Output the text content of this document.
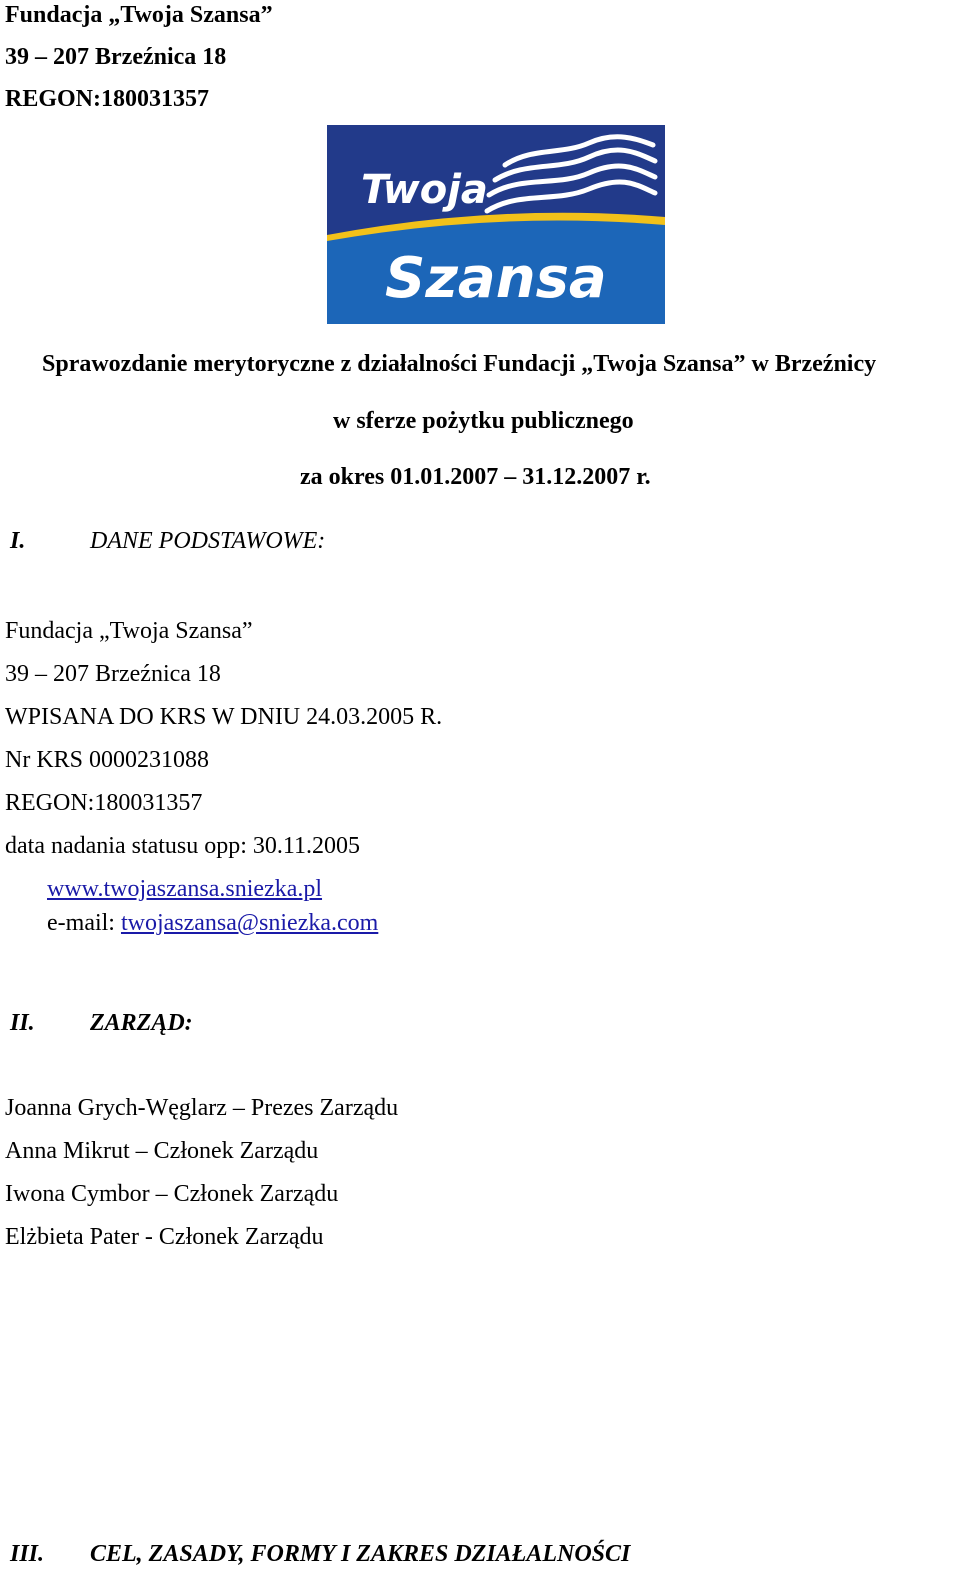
Fundacja „Twoja Szansa”
39 – 207 Brzeźnica 18
REGON:180031357
Twoja
Szansa
Sprawozdanie merytoryczne z działalności Fundacji „Twoja Szansa” w Brzeźnicy
w sferze pożytku publicznego
za okres 01.01.2007 – 31.12.2007 r.
I.	DANE PODSTAWOWE:
Fundacja „Twoja Szansa”
39 – 207 Brzeźnica 18
WPISANA DO KRS W DNIU 24.03.2005 R.
Nr KRS 0000231088
REGON:180031357
data nadania statusu opp: 30.11.2005
www.twojaszansa.sniezka.pl
e-mail: twojaszansa@sniezka.com
II. ZARZĄD:
Joanna Grych-Węglarz – Prezes Zarządu
Anna Mikrut – Członek Zarządu
Iwona Cymbor – Członek Zarządu
Elżbieta Pater - Członek Zarządu
III. CEL, ZASADY, FORMY I ZAKRES DZIAŁALNOŚCI
